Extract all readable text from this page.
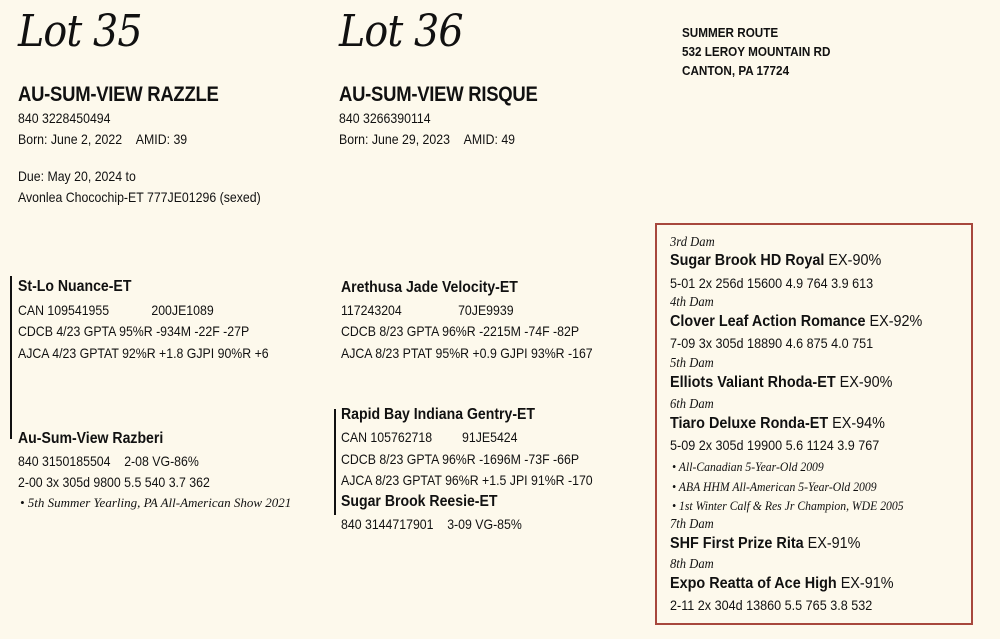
Lot 35
AU-SUM-VIEW RAZZLE
840 3228450494
Born: June 2, 2022 AMID: 39
Due: May 20, 2024 to
Avonlea Chocochip-ET 777JE01296 (sexed)
St-Lo Nuance-ET
CAN 109541955	200JE1089
CDCB 4/23 GPTA 95%R -934M -22F -27P
AJCA 4/23 GPTAT 92%R +1.8 GJPI 90%R +6
Au-Sum-View Razberi
840 3150185504 2-08 VG-86%
2-00 3x 305d 9800 5.5 540 3.7 362
• 5th Summer Yearling, PA All-American Show 2021
Lot 36
AU-SUM-VIEW RISQUE
840 3266390114
Born: June 29, 2023 AMID: 49
Arethusa Jade Velocity-ET
117243204	70JE9939
CDCB 8/23 GPTA 96%R -2215M -74F -82P
AJCA 8/23 PTAT 95%R +0.9 GJPI 93%R -167
Rapid Bay Indiana Gentry-ET
CAN 105762718 91JE5424
CDCB 8/23 GPTA 96%R -1696M -73F -66P
AJCA 8/23 GPTAT 96%R +1.5 JPI 91%R -170
Sugar Brook Reesie-ET
840 3144717901 3-09 VG-85%
SUMMER ROUTE
532 LEROY MOUNTAIN RD
CANTON, PA 17724
3rd Dam
Sugar Brook HD Royal EX-90%
5-01 2x 256d 15600 4.9 764 3.9 613
4th Dam
Clover Leaf Action Romance EX-92%
7-09 3x 305d 18890 4.6 875 4.0 751
5th Dam
Elliots Valiant Rhoda-ET EX-90%
6th Dam
Tiaro Deluxe Ronda-ET EX-94%
5-09 2x 305d 19900 5.6 1124 3.9 767
• All-Canadian 5-Year-Old 2009
• ABA HHM All-American 5-Year-Old 2009
• 1st Winter Calf & Res Jr Champion, WDE 2005
7th Dam
SHF First Prize Rita EX-91%
8th Dam
Expo Reatta of Ace High EX-91%
2-11 2x 304d 13860 5.5 765 3.8 532
